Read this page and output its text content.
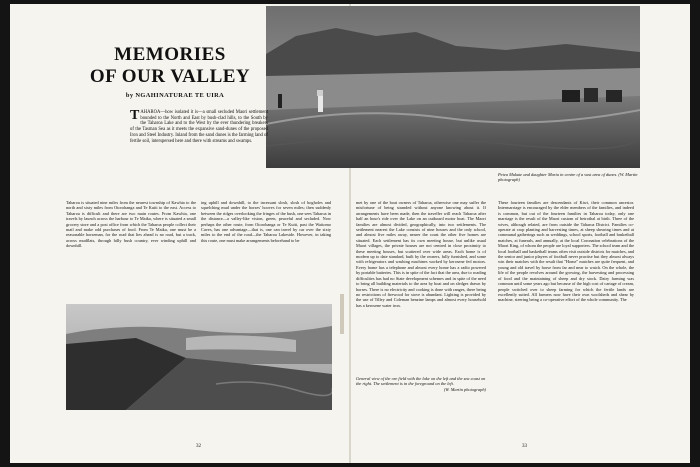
MEMORIES
OF OUR VALLEY
by NGAHINATURAE TE UIRA
T AHAROA—how isolated it is—a small secluded Maori settlement bounded to the North and East by bush-clad hills, to the South by the Taharoa Lake and to the West by the ever thundering breakers of the Tasman Sea as it meets the expansive sand-dunes of the proposed Iron and Steel Industry. Inland from the sand dunes is the farming land of fertile soil, interspersed here and there with streams and swamps.

Taharoa is situated nine miles from the nearest township of Kawhia to the north and sixty miles from Otorohanga and Te Kuiti to the east. Access to Taharoa is difficult and there are two main routes. From Kawhia, one travels by launch across the harbour to Te Maika, where is situated a small grocery store and a post office from which the Taharoa people collect their mail and make odd purchases of food. From Te Maika, one must be a reasonable horseman, for the road that lies ahead is no road, but a track, across mudflats, through hilly bush country, ever winding uphill and downhill.

ing uphill and downhill, to the incessant slosh, slosh of bogholes and squelching mud under the horses' hooves for seven miles; then suddenly between the ridges overlooking the fringes of the bush, one sees Taharoa in the distance—a valley-like vision, green, peaceful and secluded. Now perhaps the other route, from Otorohanga or Te Kuiti, past the Waitomo Caves, has one advantage—that is, one can travel by car over the sixty miles to the end of the road—the Taharoa Lakeside. However, in taking this route, one must make arrangements beforehand to be

32

met by one of the boat owners of Taharoa, otherwise one may suffer the misfortune of being stranded without anyone knowing about it. If arrangements have been made, then the traveller will reach Taharoa after half an hour's ride over the Lake on an outboard motor boat. The Maori families are almost divided, geographically, into two settlements. The settlement nearest the Lake consists of nine houses and the only school, and almost five miles away, nearer the coast the other five homes are situated. Each settlement has its own meeting house, but unlike usual Maori villages, the private houses are not centred in close proximity to these meeting houses, but scattered over wide areas. Each home is of modern up to date standard, built by the owners, fully furnished, and some with refrigerators and washing machines worked by kerosene fed motors. Every home has a telephone and almost every home has a radio powered by portable batteries. This is in spite of the fact that the area, due to roading difficulties has had no State development schemes and in spite of the need to bring all building materials to the area by boat and on sledges drawn by horses. There is no electricity and cooking is done with ranges, there being no restrictions of firewood for stove is abundant. Lighting is provided by the use of Tilley and Coleman benzine lamps and almost every household has a kerosene water iron.

General view of the ore field with the lake on the left and the sea coast on the right. The settlement is in the foreground on the left.
(W. Martin photograph)
Petea Mukate and daughter Maria in centre of a vast area of dunes. (W. Martin photograph)

These fourteen families are descendants of Kiwi, their common ancestor. Intermarriage is encouraged by the elder members of the families, and indeed is common, but out of the fourteen families in Taharoa today, only one marriage is the result of the Maori custom of betrothal at birth. Three of the wives, although related, are from outside the Taharoa District. Families co-operate at crop planting and harvesting times, at sheep shearing times and at communal gatherings such as weddings, school sports, football and basketball matches, at funerals, and annually, at the local Coronation celebrations of the Maori King, of whom the people are loyal supporters. The school team and the local football and basketball teams often visit outside districts for matches, and the senior and junior players of football never practise but they almost always win their matches with the result that "Home" matches are quite frequent, and young and old travel by horse from far and near to watch. On the whole, the life of the people revolves around the growing, the harvesting and processing of food and the maintaining of sheep and dry stock. Dairy farming was common until some years ago but because of the high cost of cartage of cream, people switched over to sheep farming for which the fertile lands are excellently suited. All farmers now have their own woolsheds and shear by machine, steering being a co-operative effort of the whole community. The

33
